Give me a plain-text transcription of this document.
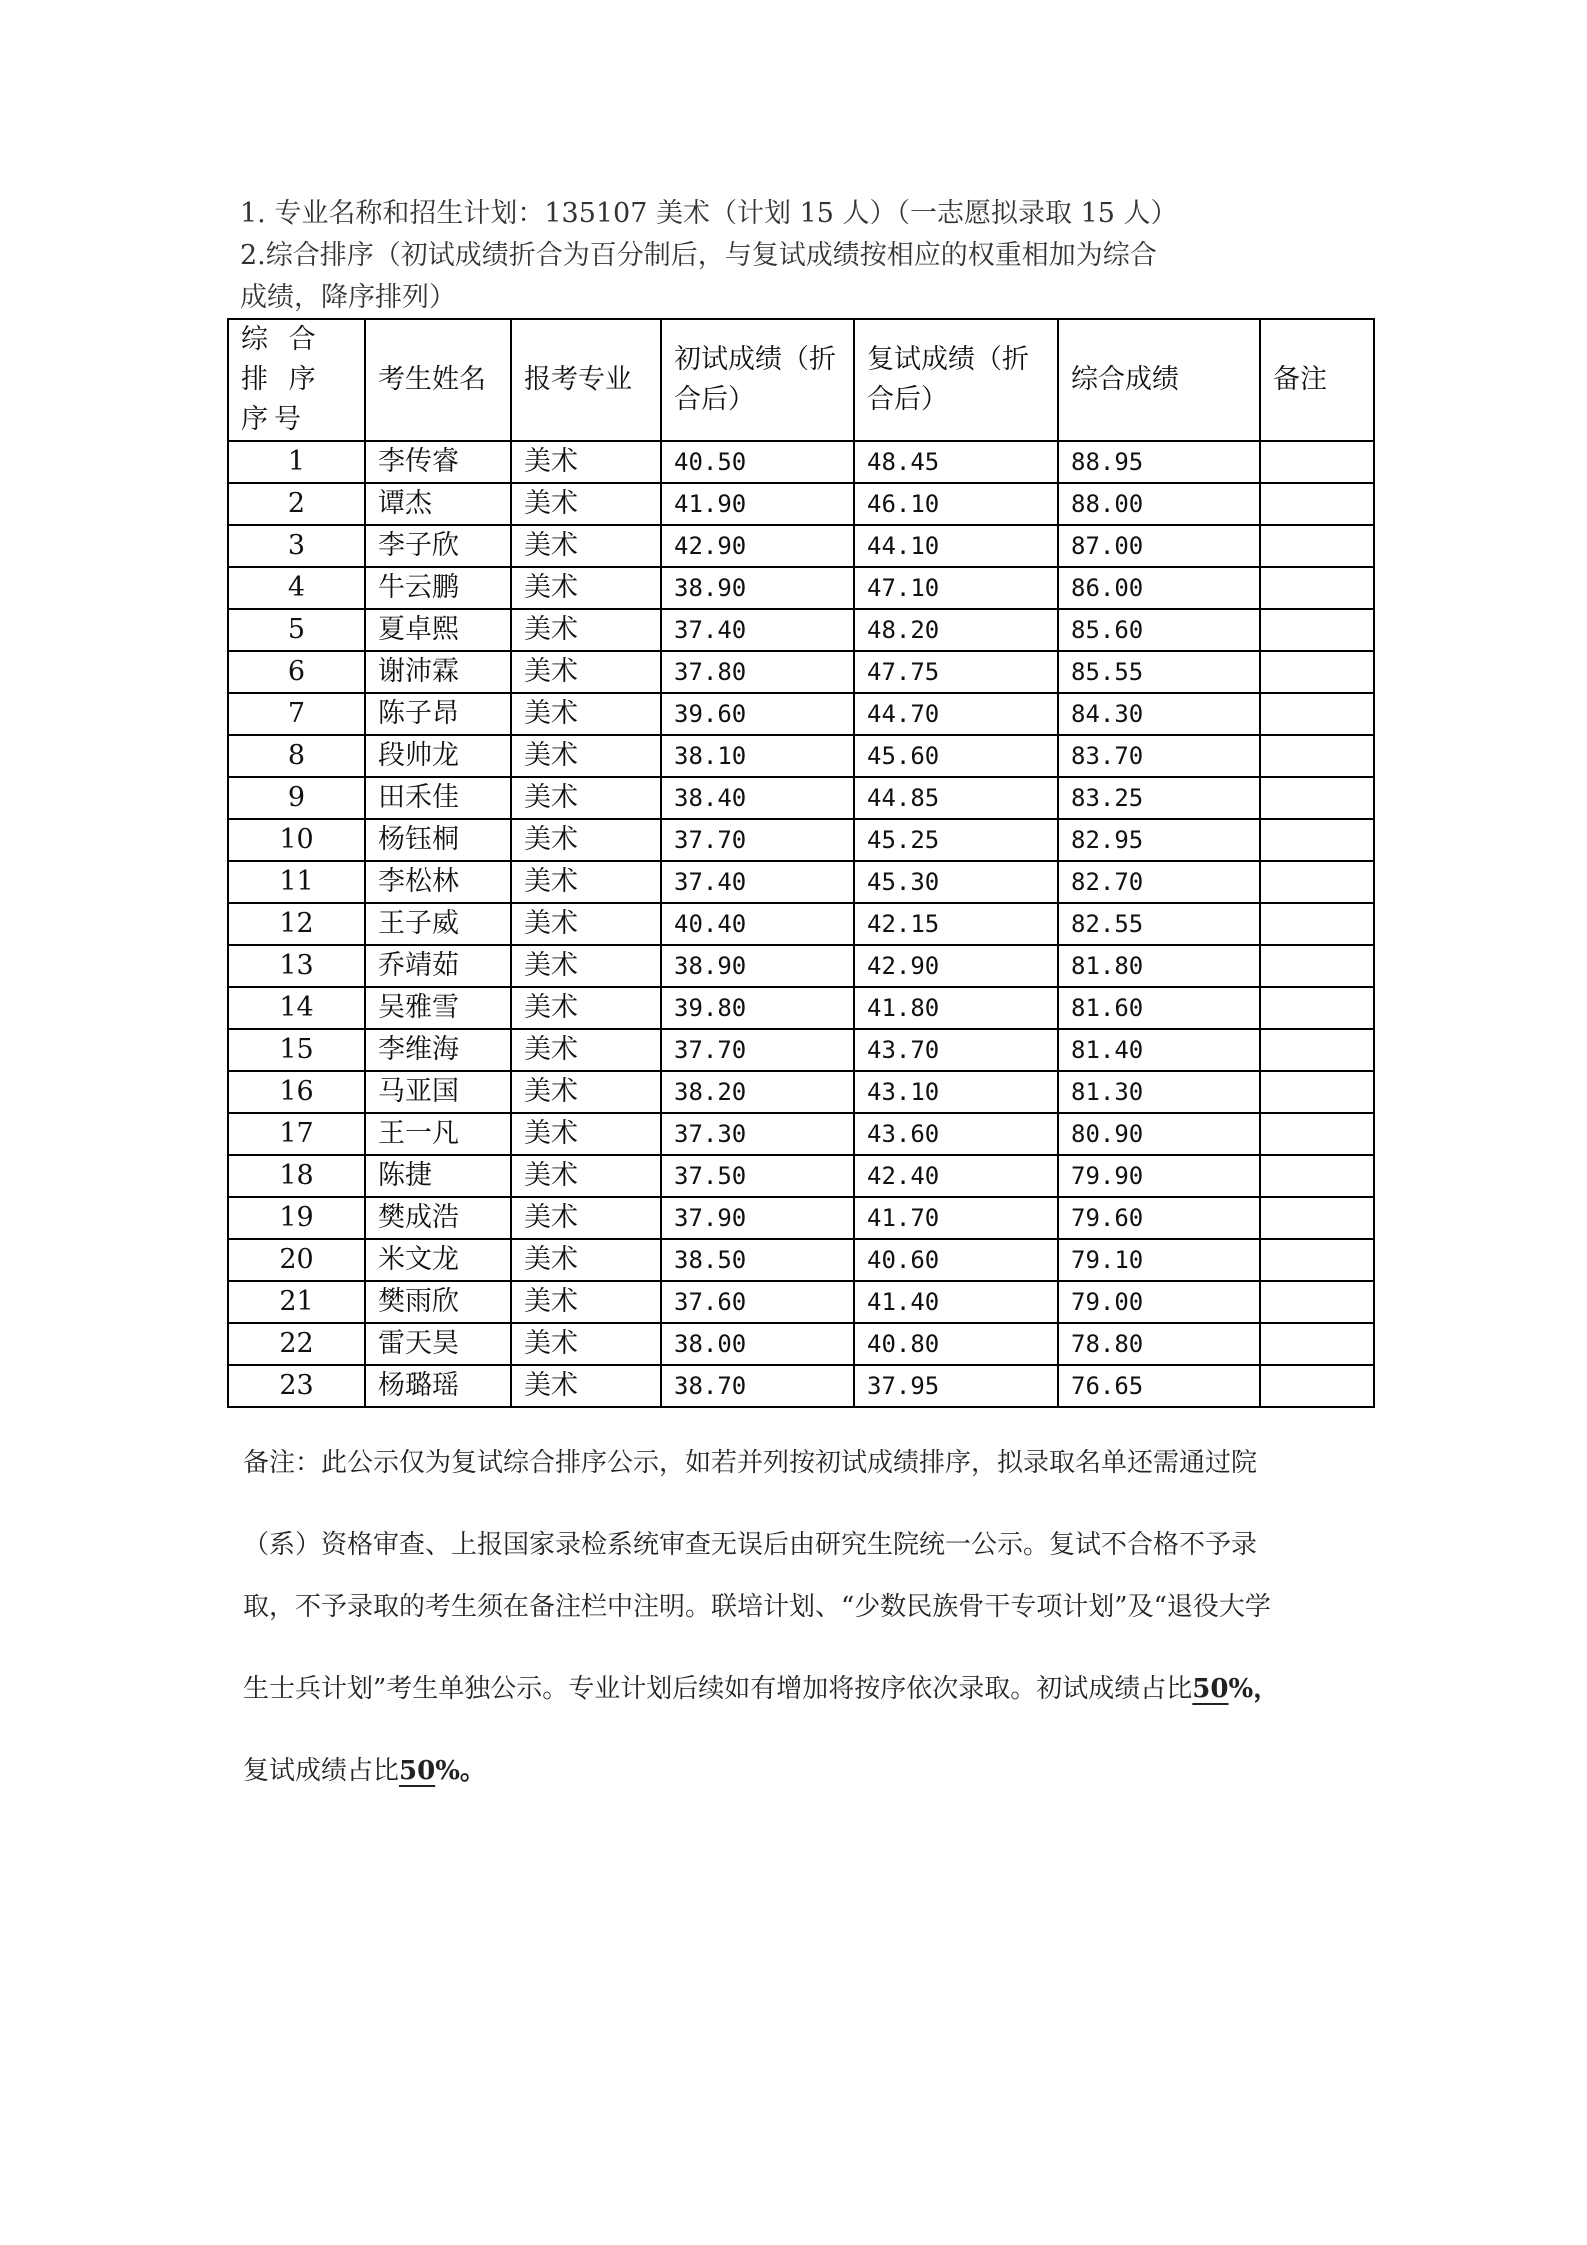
1. 专业名称和招生计划：135107 美术（计划 15 人）（一志愿拟录取 15 人）
2.综合排序（初试成绩折合为百分制后，与复试成绩按相应的权重相加为综合
成绩，降序排列）
综 合 排 序序号	考生姓名	报考专业	初试成绩（折合后）	复试成绩（折合后）	综合成绩	备注
1	李传睿	美术	40.50	48.45	88.95	
2	谭杰	美术	41.90	46.10	88.00	
3	李子欣	美术	42.90	44.10	87.00	
4	牛云鹏	美术	38.90	47.10	86.00	
5	夏卓熙	美术	37.40	48.20	85.60	
6	谢沛霖	美术	37.80	47.75	85.55	
7	陈子昂	美术	39.60	44.70	84.30	
8	段帅龙	美术	38.10	45.60	83.70	
9	田禾佳	美术	38.40	44.85	83.25	
10	杨钰桐	美术	37.70	45.25	82.95	
11	李松林	美术	37.40	45.30	82.70	
12	王子威	美术	40.40	42.15	82.55	
13	乔靖茹	美术	38.90	42.90	81.80	
14	吴雅雪	美术	39.80	41.80	81.60	
15	李维海	美术	37.70	43.70	81.40	
16	马亚国	美术	38.20	43.10	81.30	
17	王一凡	美术	37.30	43.60	80.90	
18	陈捷	美术	37.50	42.40	79.90	
19	樊成浩	美术	37.90	41.70	79.60	
20	米文龙	美术	38.50	40.60	79.10	
21	樊雨欣	美术	37.60	41.40	79.00	
22	雷天昊	美术	38.00	40.80	78.80	
23	杨璐瑶	美术	38.70	37.95	76.65	

备注：此公示仅为复试综合排序公示，如若并列按初试成绩排序，拟录取名单还需通过院

（系）资格审查、上报国家录检系统审查无误后由研究生院统一公示。复试不合格不予录

取，不予录取的考生须在备注栏中注明。联培计划、“少数民族骨干专项计划”及“退役大学

生士兵计划”考生单独公示。专业计划后续如有增加将按序依次录取。初试成绩占比50%，

复试成绩占比50%。
